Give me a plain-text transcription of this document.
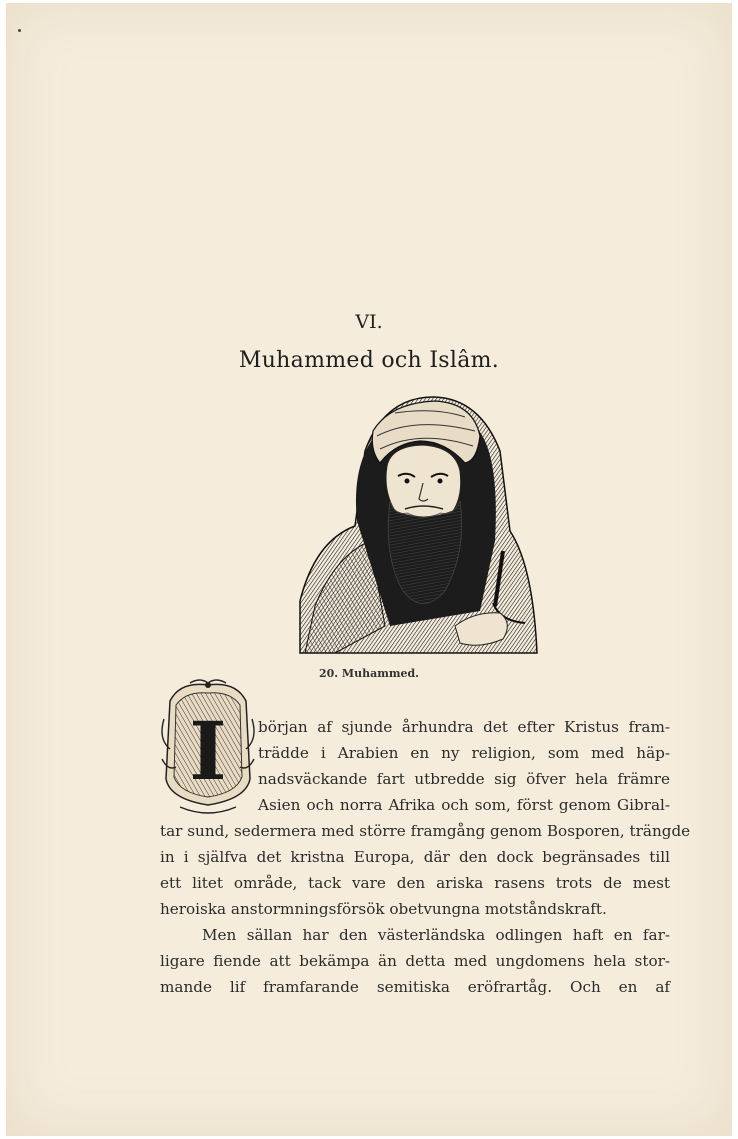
VI.
Muhammed och Islâm.
20. Muhammed.
I början af sjunde århundra det efter Kristus fram-
trädde i Arabien en ny religion, som med häp-
nadsväckande fart utbredde sig öfver hela främre
Asien och norra Afrika och som, först genom Gibral-
tar sund, sedermera med större framgång genom Bosporen, trängde
in i själfva det kristna Europa, där den dock begränsades till
ett litet område, tack vare den ariska rasens trots de mest
heroiska anstormningsförsök obetvungna motståndskraft.
Men sällan har den västerländska odlingen haft en far-
ligare fiende att bekämpa än detta med ungdomens hela stor-
mande lif framfarande semitiska eröfrartåg. Och en af
